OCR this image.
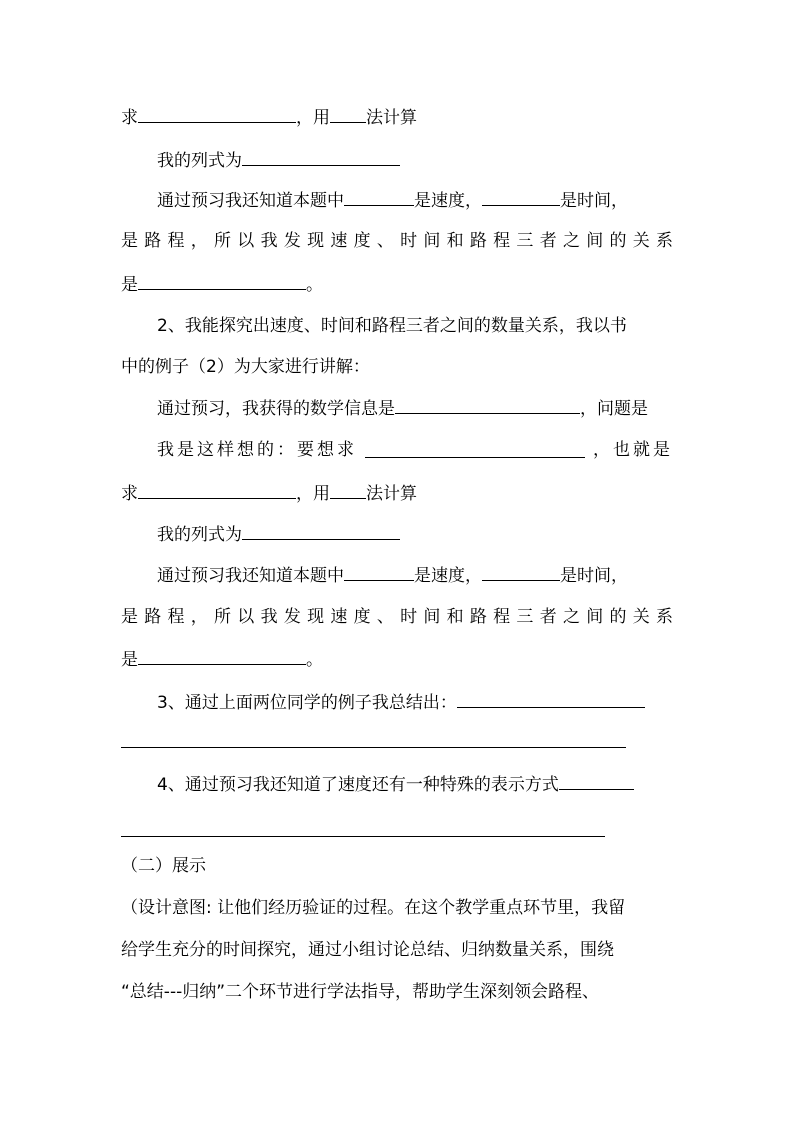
求	，用 法计算
我的列式为
通过预习我还知道本题中	是速度，	是时间，
是路程，所以我发现速度、时间和路程三者之间的关系
是	。
2、我能探究出速度、时间和路程三者之间的数量关系，我以书
中的例子（2）为大家进行讲解：
通过预习，我获得的数学信息是	，问题是
我是这样想的：要想求	，也就是
求	，用 法计算
我的列式为
通过预习我还知道本题中	是速度，	是时间，
是路程，所以我发现速度、时间和路程三者之间的关系
是	。
3、通过上面两位同学的例子我总结出：
4、通过预习我还知道了速度还有一种特殊的表示方式
（二）展示
（设计意图: 让他们经历验证的过程。在这个教学重点环节里，我留
给学生充分的时间探究，通过小组讨论总结、归纳数量关系，围绕
“总结---归纳”二个环节进行学法指导，帮助学生深刻领会路程、
